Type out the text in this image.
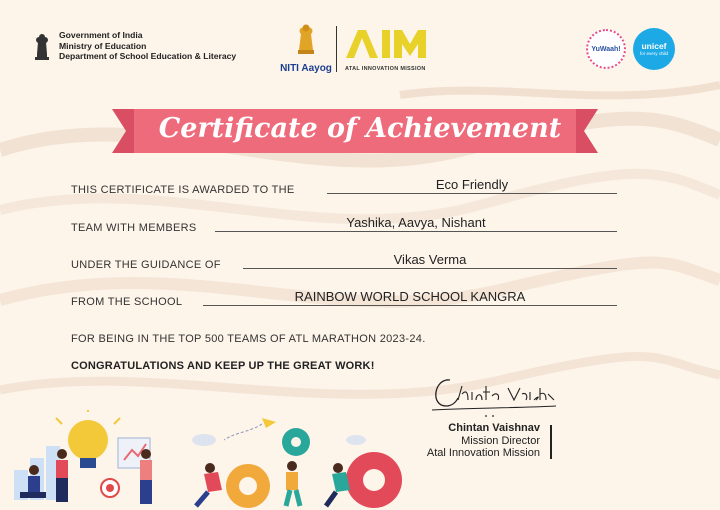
Government of India
Ministry of Education
Department of School Education & Literacy
NITI Aayog ATAL INNOVATION MISSION
YuWaah! unicef
for every child
Certificate of Achievement
THIS CERTIFICATE IS AWARDED TO THE	Eco Friendly
TEAM WITH MEMBERS	Yashika, Aavya, Nishant
UNDER THE GUIDANCE OF	Vikas Verma
FROM THE SCHOOL	RAINBOW WORLD SCHOOL KANGRA
FOR BEING IN THE TOP 500 TEAMS OF ATL MARATHON 2023-24.
CONGRATULATIONS AND KEEP UP THE GREAT WORK!
Chintan Vaishnav
Mission Director
Atal Innovation Mission
